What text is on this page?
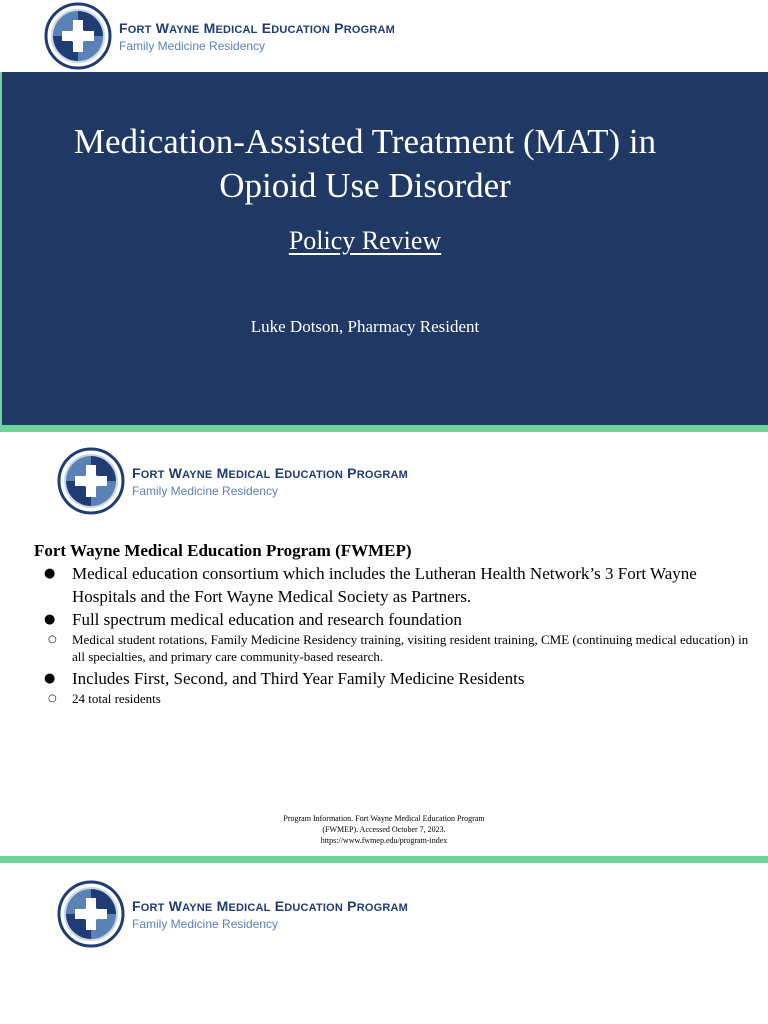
Medication-Assisted Treatment (MAT) in
Opioid Use Disorder
Policy Review
Luke Dotson, Pharmacy Resident
FORT WAYNE MEDICAL EDUCATION PROGRAM
Family Medicine Residency
FORT WAYNE MEDICAL EDUCATION PROGRAM
Family Medicine Residency
Fort Wayne Medical Education Program (FWMEP)
● Medical education consortium which includes the Lutheran Health Network’s 3 Fort Wayne Hospitals and the Fort Wayne Medical Society as Partners.
● Full spectrum medical education and research foundation
○ Medical student rotations, Family Medicine Residency training, visiting resident training, CME (continuing medical education) in all specialties, and primary care community-based research.
● Includes First, Second, and Third Year Family Medicine Residents
○ 24 total residents
Program Information. Fort Wayne Medical Education Program
(FWMEP). Accessed October 7, 2023.
https://www.fwmep.edu/program-index
FORT WAYNE MEDICAL EDUCATION PROGRAM
Family Medicine Residency
